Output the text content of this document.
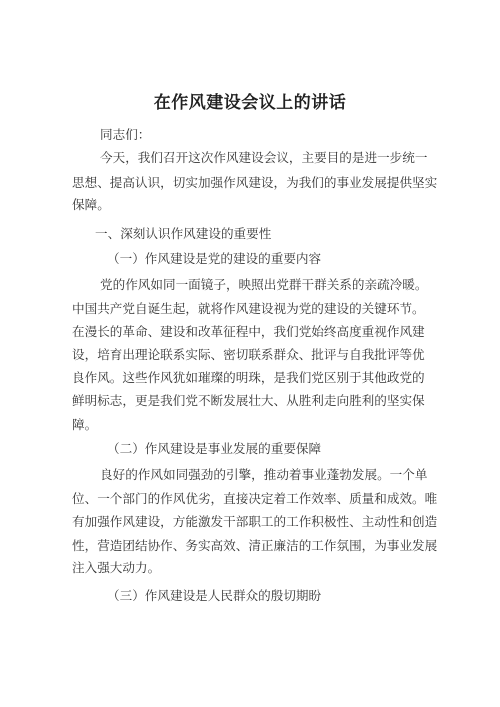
在作风建设会议上的讲话
同志们：
今天，我们召开这次作风建设会议，主要目的是进一步统一
思想、提高认识，切实加强作风建设，为我们的事业发展提供坚实
保障。
一、深刻认识作风建设的重要性
（一）作风建设是党的建设的重要内容
党的作风如同一面镜子，映照出党群干群关系的亲疏冷暖。
中国共产党自诞生起，就将作风建设视为党的建设的关键环节。
在漫长的革命、建设和改革征程中，我们党始终高度重视作风建
设，培育出理论联系实际、密切联系群众、批评与自我批评等优
良作风。这些作风犹如璀璨的明珠，是我们党区别于其他政党的
鲜明标志，更是我们党不断发展壮大、从胜利走向胜利的坚实保
障。
（二）作风建设是事业发展的重要保障
良好的作风如同强劲的引擎，推动着事业蓬勃发展。一个单
位、一个部门的作风优劣，直接决定着工作效率、质量和成效。唯
有加强作风建设，方能激发干部职工的工作积极性、主动性和创造
性，营造团结协作、务实高效、清正廉洁的工作氛围，为事业发展
注入强大动力。
（三）作风建设是人民群众的殷切期盼
